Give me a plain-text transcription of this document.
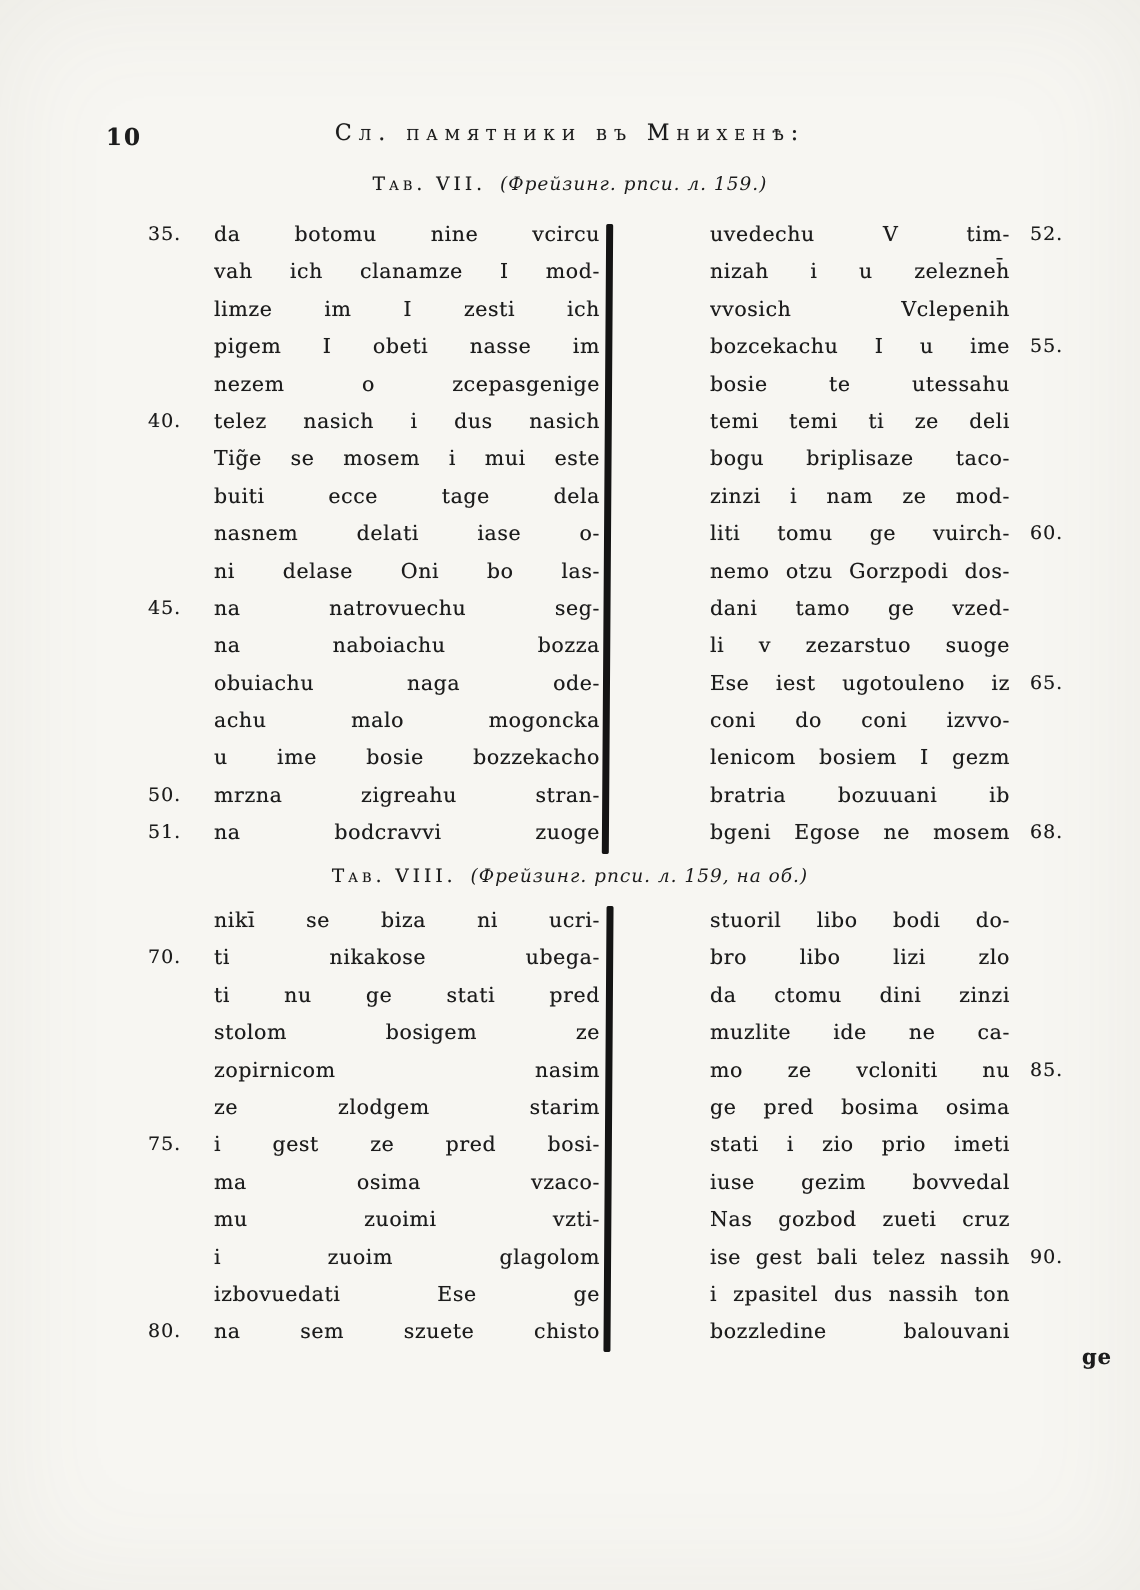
10	Сл. памятники въ Мнихенѣ:
Тав. VII. (Фрейзинг. рпси. л. 159.)
35.	da botomu nine vcircu	uvedechu V tim-	52.
vah ich clanamze I mod-	nizah i u zelezneh̄
limze im I zesti ich	vvosich Vclepenih
pigem I obeti nasse im	bozcekachu I u ime	55.
nezem o zcepasgenige	bosie te utessahu
40.	telez nasich i dus nasich	temi temi ti ze deli
Tig̃e se mosem i mui este	bogu briplisaze taco-
buiti ecce tage dela	zinzi i nam ze mod-
nasnem delati iase o-	liti tomu ge vuirch-	60.
ni delase Oni bo las-	nemo otzu Gorzpodi dos-
45.	na natrovuechu seg-	dani tamo ge vzed-
na naboiachu bozza	li v zezarstuo suoge
obuiachu naga ode-	Ese iest ugotouleno iz	65.
achu malo mogoncka	coni do coni izvvo-
u ime bosie bozzekacho	lenicom bosiem I gezm
50.	mrzna zigreahu stran-	bratria bozuuani ib
51.	na bodcravvi zuoge	bgeni Egose ne mosem	68.
Тав. VIII. (Фрейзинг. рпси. л. 159, на об.)
nikī se biza ni ucri-	stuoril libo bodi do-
70.	ti nikakose ubega-	bro libo lizi zlo
ti nu ge stati pred	da ctomu dini zinzi
stolom bosigem ze	muzlite ide ne ca-
zopirnicom nasim	mo ze vcloniti nu	85.
ze zlodgem starim	ge pred bosima osima
75.	i gest ze pred bosi-	stati i zio prio imeti
ma osima vzaco-	iuse gezim bovvedal
mu zuoimi vzti-	Nas gozbod zueti cruz
i zuoim glagolom	ise gest bali telez nassih	90.
izbovuedati Ese ge	i zpasitel dus nassih ton
80.	na sem szuete chisto	bozzledine balouvani
ge
